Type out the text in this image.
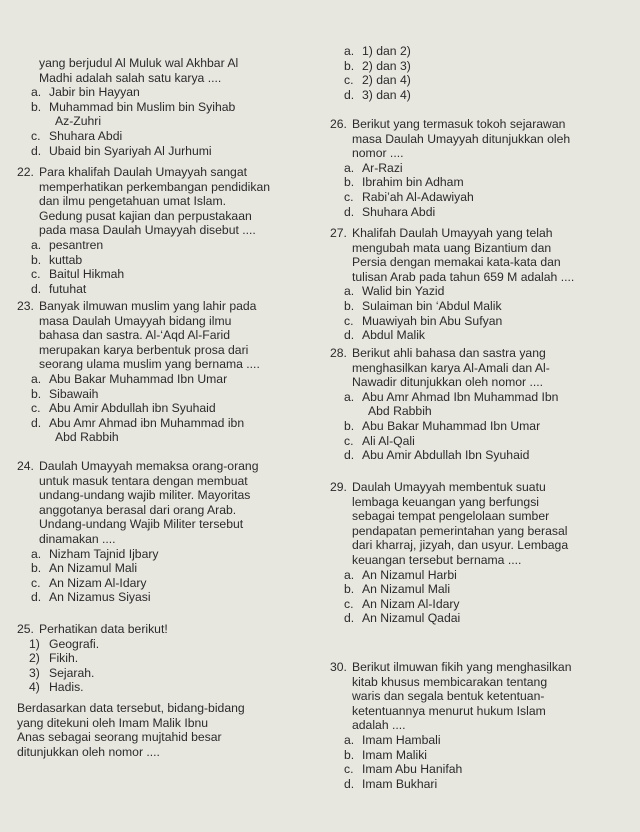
yang berjudul Al Muluk wal Akhbar Al
Madhi adalah salah satu karya ....
a. Jabir bin Hayyan
b. Muhammad bin Muslim bin Syihab
Az-Zuhri
c. Shuhara Abdi
d. Ubaid bin Syariyah Al Jurhumi
22. Para khalifah Daulah Umayyah sangat
memperhatikan perkembangan pendidikan
dan ilmu pengetahuan umat Islam.
Gedung pusat kajian dan perpustakaan
pada masa Daulah Umayyah disebut ....
a. pesantren
b. kuttab
c. Baitul Hikmah
d. futuhat
23. Banyak ilmuwan muslim yang lahir pada
masa Daulah Umayyah bidang ilmu
bahasa dan sastra. Al-‘Aqd Al-Farid
merupakan karya berbentuk prosa dari
seorang ulama muslim yang bernama ....
a. Abu Bakar Muhammad Ibn Umar
b. Sibawaih
c. Abu Amir Abdullah ibn Syuhaid
d. Abu Amr Ahmad ibn Muhammad ibn
Abd Rabbih
24. Daulah Umayyah memaksa orang-orang
untuk masuk tentara dengan membuat
undang-undang wajib militer. Mayoritas
anggotanya berasal dari orang Arab.
Undang-undang Wajib Militer tersebut
dinamakan ....
a. Nizham Tajnid Ijbary
b. An Nizamul Mali
c. An Nizam Al-Idary
d. An Nizamus Siyasi
25. Perhatikan data berikut!
1) Geografi.
2) Fikih.
3) Sejarah.
4) Hadis.
Berdasarkan data tersebut, bidang-bidang
yang ditekuni oleh Imam Malik Ibnu
Anas sebagai seorang mujtahid besar
ditunjukkan oleh nomor ....
a. 1) dan 2)
b. 2) dan 3)
c. 2) dan 4)
d. 3) dan 4)
26. Berikut yang termasuk tokoh sejarawan
masa Daulah Umayyah ditunjukkan oleh
nomor ....
a. Ar-Razi
b. Ibrahim bin Adham
c. Rabi’ah Al-Adawiyah
d. Shuhara Abdi
27. Khalifah Daulah Umayyah yang telah
mengubah mata uang Bizantium dan
Persia dengan memakai kata-kata dan
tulisan Arab pada tahun 659 M adalah ....
a. Walid bin Yazid
b. Sulaiman bin ‘Abdul Malik
c. Muawiyah bin Abu Sufyan
d. Abdul Malik
28. Berikut ahli bahasa dan sastra yang
menghasilkan karya Al-Amali dan Al-
Nawadir ditunjukkan oleh nomor ....
a. Abu Amr Ahmad Ibn Muhammad Ibn
Abd Rabbih
b. Abu Bakar Muhammad Ibn Umar
c. Ali Al-Qali
d. Abu Amir Abdullah Ibn Syuhaid
29. Daulah Umayyah membentuk suatu
lembaga keuangan yang berfungsi
sebagai tempat pengelolaan sumber
pendapatan pemerintahan yang berasal
dari kharraj, jizyah, dan usyur. Lembaga
keuangan tersebut bernama ....
a. An Nizamul Harbi
b. An Nizamul Mali
c. An Nizam Al-Idary
d. An Nizamul Qadai
30. Berikut ilmuwan fikih yang menghasilkan
kitab khusus membicarakan tentang
waris dan segala bentuk ketentuan-
ketentuannya menurut hukum Islam
adalah ....
a. Imam Hambali
b. Imam Maliki
c. Imam Abu Hanifah
d. Imam Bukhari
